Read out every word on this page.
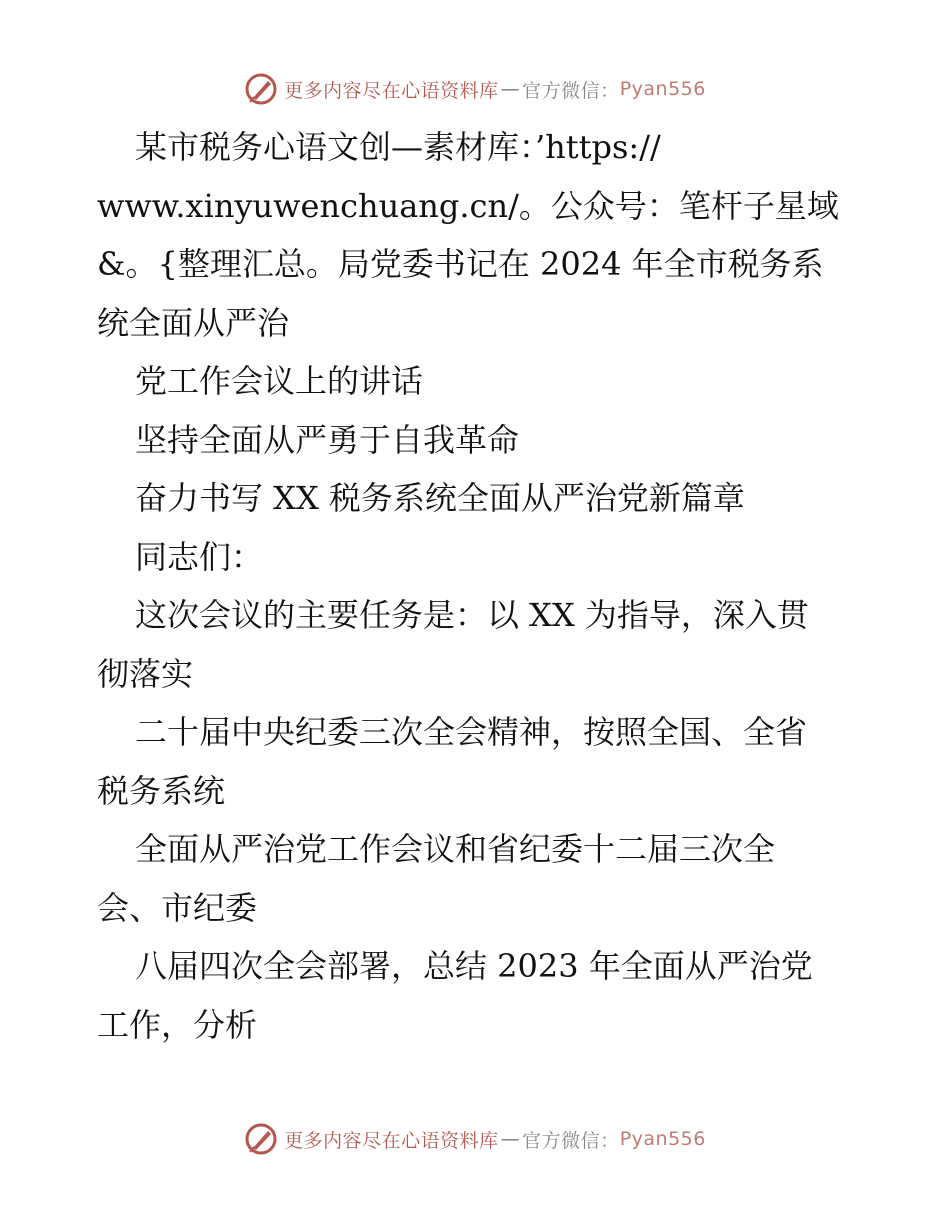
更多内容尽在心语资料库 — 官方微信： Pyan556

某市税务心语文创—素材库：’https://

www.xinyuwenchuang.cn/。公众号：笔杆子星域

&。{整理汇总。局党委书记在 2024 年全市税务系

统全面从严治

党工作会议上的讲话

坚持全面从严勇于自我革命

奋力书写 XX 税务系统全面从严治党新篇章

同志们：

这次会议的主要任务是：以 XX 为指导，深入贯

彻落实

二十届中央纪委三次全会精神，按照全国、全省

税务系统

全面从严治党工作会议和省纪委十二届三次全

会、市纪委

八届四次全会部署，总结 2023 年全面从严治党

工作，分析

更多内容尽在心语资料库 — 官方微信： Pyan556
